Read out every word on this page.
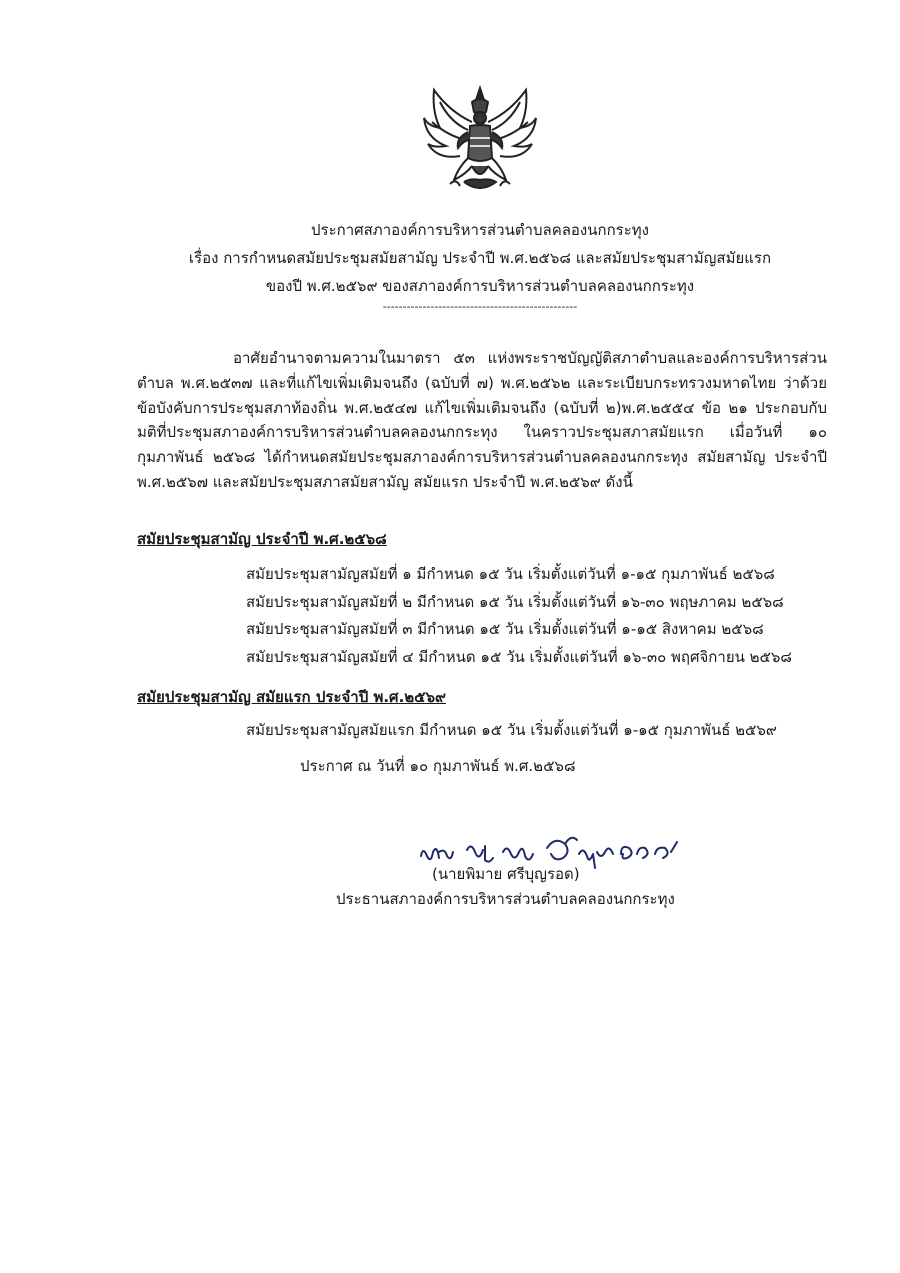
ประกาศสภาองค์การบริหารส่วนตำบลคลองนกกระทุง
เรื่อง การกำหนดสมัยประชุมสมัยสามัญ ประจำปี พ.ศ.๒๕๖๘ และสมัยประชุมสามัญสมัยแรก
ของปี พ.ศ.๒๕๖๙ ของสภาองค์การบริหารส่วนตำบลคลองนกกระทุง
-------------------------------------------------
อาศัยอำนาจตามความในมาตรา ๕๓ แห่งพระราชบัญญัติสภาตำบลและองค์การบริหารส่วนตำบล พ.ศ.๒๕๓๗ และที่แก้ไขเพิ่มเติมจนถึง (ฉบับที่ ๗) พ.ศ.๒๕๖๒ และระเบียบกระทรวงมหาดไทย ว่าด้วยข้อบังคับการประชุมสภาท้องถิ่น พ.ศ.๒๕๔๗ แก้ไขเพิ่มเติมจนถึง (ฉบับที่ ๒)พ.ศ.๒๕๕๔ ข้อ ๒๑ ประกอบกับมติที่ประชุมสภาองค์การบริหารส่วนตำบลคลองนกกระทุง ในคราวประชุมสภาสมัยแรก เมื่อวันที่ ๑๐ กุมภาพันธ์ ๒๕๖๘ ได้กำหนดสมัยประชุมสภาองค์การบริหารส่วนตำบลคลองนกกระทุง สมัยสามัญ ประจำปี พ.ศ.๒๕๖๗ และสมัยประชุมสภาสมัยสามัญ สมัยแรก ประจำปี พ.ศ.๒๕๖๙ ดังนี้
สมัยประชุมสามัญ ประจำปี พ.ศ.๒๕๖๘
สมัยประชุมสามัญสมัยที่ ๑ มีกำหนด ๑๕ วัน เริ่มตั้งแต่วันที่ ๑-๑๕ กุมภาพันธ์ ๒๕๖๘
สมัยประชุมสามัญสมัยที่ ๒ มีกำหนด ๑๕ วัน เริ่มตั้งแต่วันที่ ๑๖-๓๐ พฤษภาคม ๒๕๖๘
สมัยประชุมสามัญสมัยที่ ๓ มีกำหนด ๑๕ วัน เริ่มตั้งแต่วันที่ ๑-๑๕ สิงหาคม ๒๕๖๘
สมัยประชุมสามัญสมัยที่ ๔ มีกำหนด ๑๕ วัน เริ่มตั้งแต่วันที่ ๑๖-๓๐ พฤศจิกายน ๒๕๖๘
สมัยประชุมสามัญ สมัยแรก ประจำปี พ.ศ.๒๕๖๙
สมัยประชุมสามัญสมัยแรก มีกำหนด ๑๕ วัน เริ่มตั้งแต่วันที่ ๑-๑๕ กุมภาพันธ์ ๒๕๖๙
ประกาศ ณ วันที่ ๑๐ กุมภาพันธ์ พ.ศ.๒๕๖๘
(นายพิมาย ศรีบุญรอด)
ประธานสภาองค์การบริหารส่วนตำบลคลองนกกระทุง
